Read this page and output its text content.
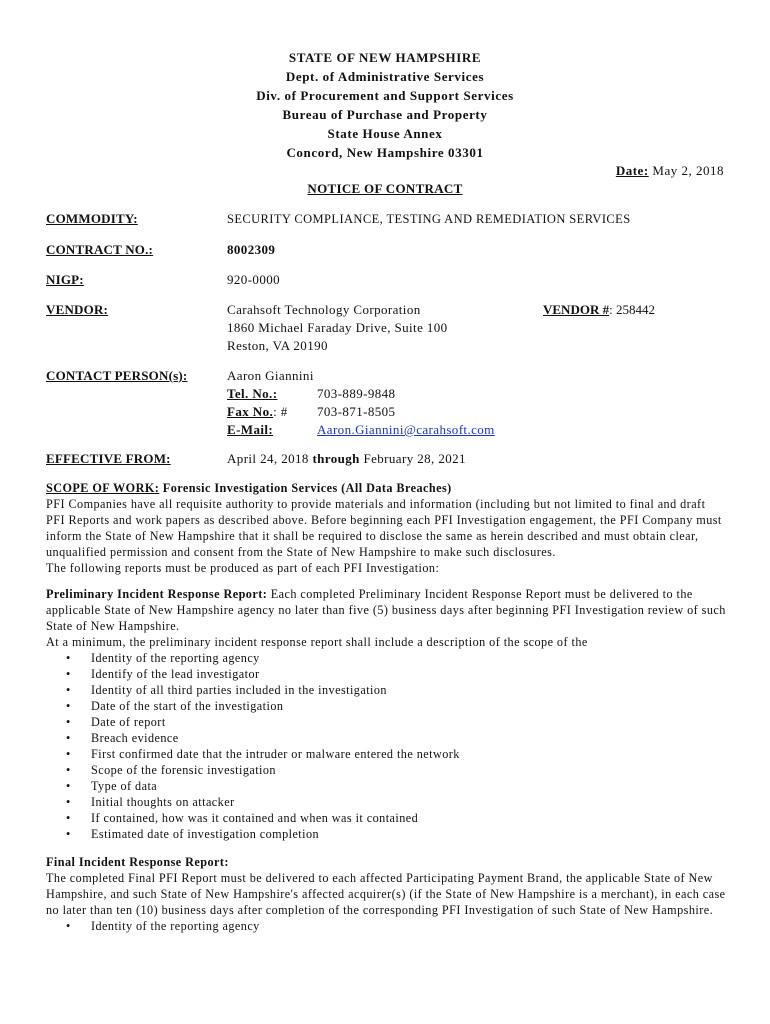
STATE OF NEW HAMPSHIRE
Dept. of Administrative Services
Div. of Procurement and Support Services
Bureau of Purchase and Property
State House Annex
Concord, New Hampshire 03301
Date: May 2, 2018
NOTICE OF CONTRACT
COMMODITY:	SECURITY COMPLIANCE, TESTING AND REMEDIATION SERVICES
CONTRACT NO.:	8002309
NIGP:	920-0000
VENDOR:	Carahsoft Technology Corporation
1860 Michael Faraday Drive, Suite 100
Reston, VA 20190
VENDOR #: 258442
CONTACT PERSON(s):	Aaron Giannini
Tel. No.:	703-889-9848
Fax No.: # 703-871-8505
E-Mail:	Aaron.Giannini@carahsoft.com
EFFECTIVE FROM:	April 24, 2018 through February 28, 2021

SCOPE OF WORK: Forensic Investigation Services (All Data Breaches)

PFI Companies have all requisite authority to provide materials and information (including but not limited to final and draft PFI Reports and work papers as described above. Before beginning each PFI Investigation engagement, the PFI Company must inform the State of New Hampshire that it shall be required to disclose the same as herein described and must obtain clear, unqualified permission and consent from the State of New Hampshire to make such disclosures.

The following reports must be produced as part of each PFI Investigation:

Preliminary Incident Response Report: Each completed Preliminary Incident Response Report must be delivered to the applicable State of New Hampshire agency no later than five (5) business days after beginning PFI Investigation review of such State of New Hampshire.

At a minimum, the preliminary incident response report shall include a description of the scope of the

• Identity of the reporting agency
• Identify of the lead investigator
• Identity of all third parties included in the investigation
• Date of the start of the investigation
• Date of report
• Breach evidence
• First confirmed date that the intruder or malware entered the network
• Scope of the forensic investigation
• Type of data
• Initial thoughts on attacker
• If contained, how was it contained and when was it contained
• Estimated date of investigation completion

Final Incident Response Report:

The completed Final PFI Report must be delivered to each affected Participating Payment Brand, the applicable State of New Hampshire, and such State of New Hampshire's affected acquirer(s) (if the State of New Hampshire is a merchant), in each case no later than ten (10) business days after completion of the corresponding PFI Investigation of such State of New Hampshire.

• Identity of the reporting agency
